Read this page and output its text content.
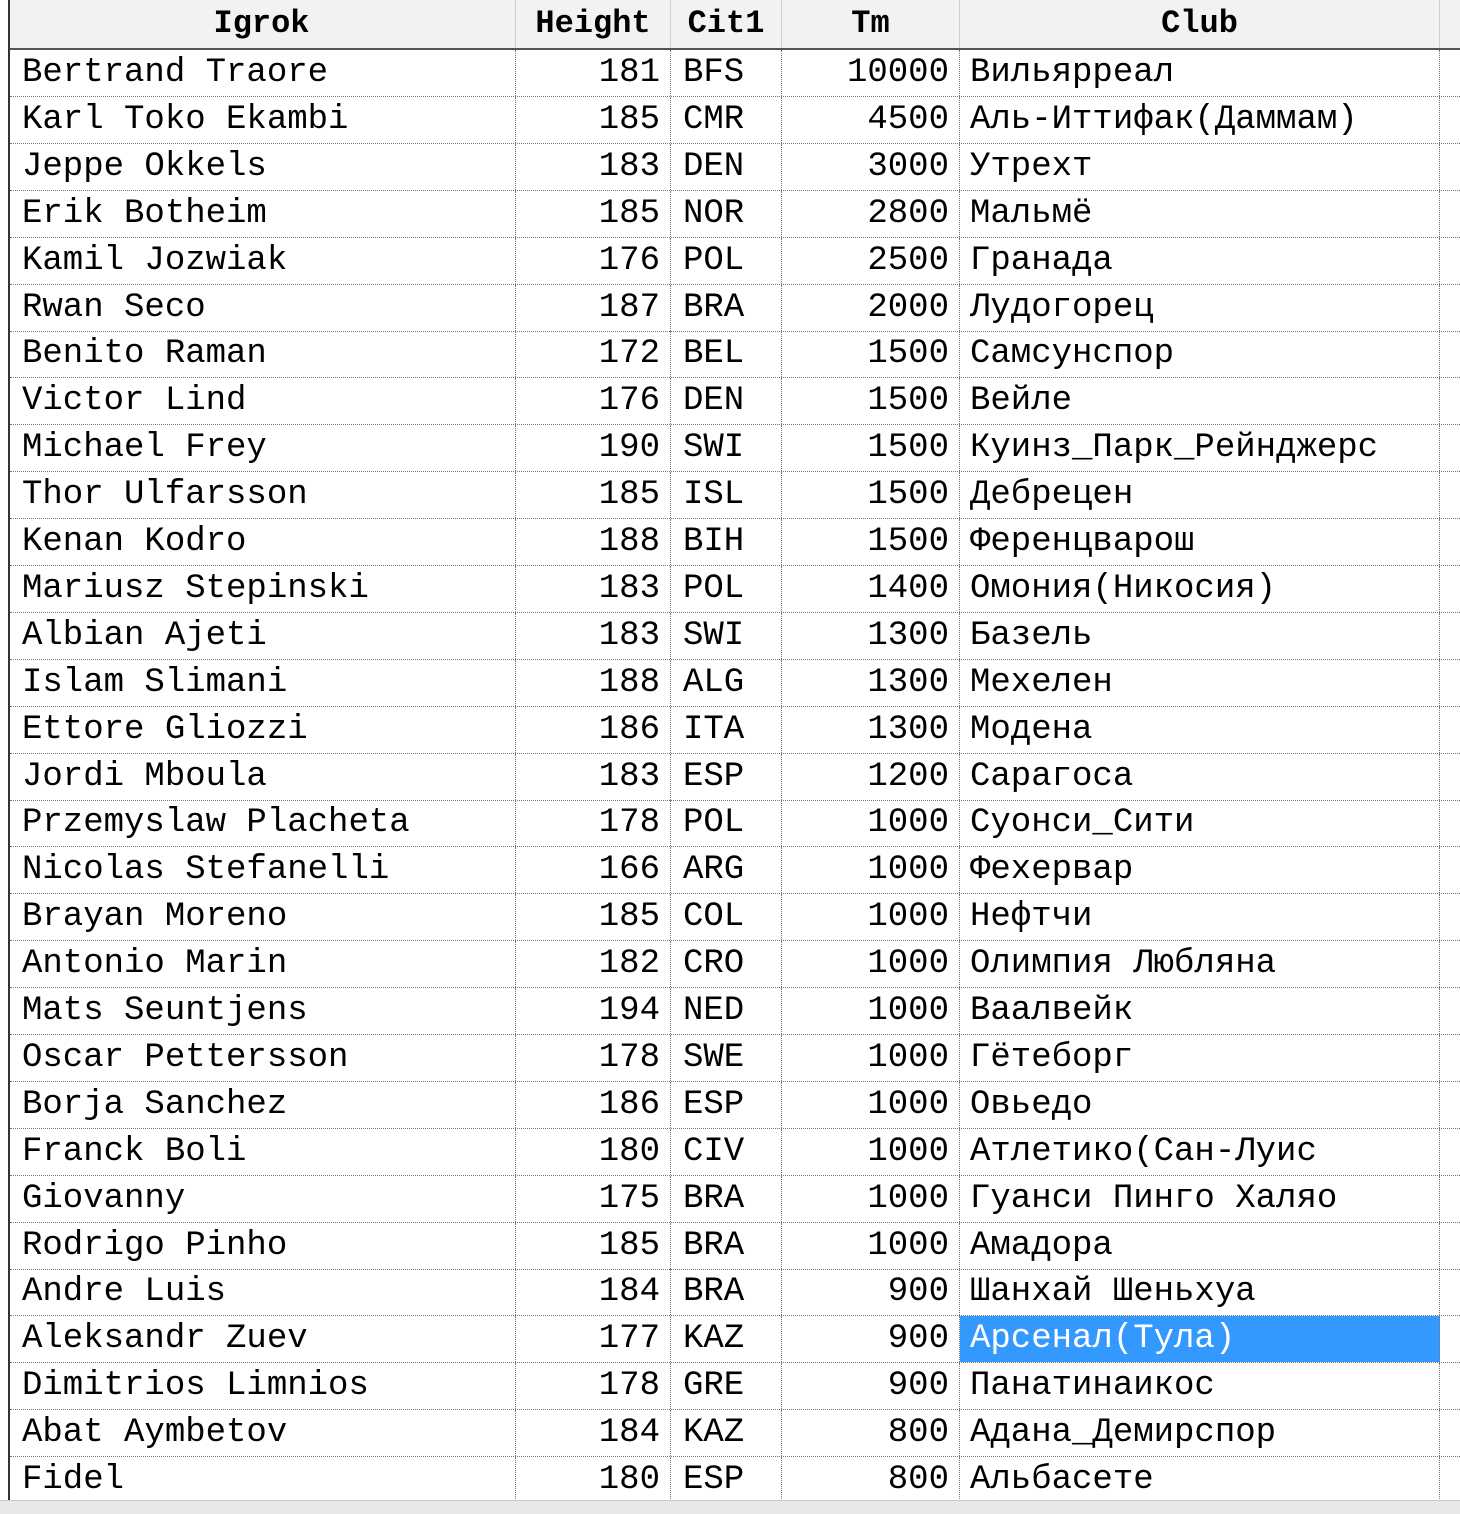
Igrok	Height	Cit1	Tm	Club
Bertrand Traore	181 BFS	10000 Вильярреал
Karl Toko Ekambi	185 CMR	4500 Аль-Иттифак(Даммам)
Jeppe Okkels	183 DEN	3000 Утрехт
Erik Botheim	185 NOR	2800 Мальмё
Kamil Jozwiak	176 POL	2500 Гранада
Rwan Seco	187 BRA	2000 Лудогорец
Benito Raman	172 BEL	1500 Самсунспор
Victor Lind	176 DEN	1500 Вейле
Michael Frey	190 SWI	1500 Куинз_Парк_Рейнджерс
Thor Ulfarsson	185 ISL	1500 Дебрецен
Kenan Kodro	188 BIH	1500 Ференцварош
Mariusz Stepinski	183 POL	1400 Омония(Никосия)
Albian Ajeti	183 SWI	1300 Базель
Islam Slimani	188 ALG	1300 Мехелен
Ettore Gliozzi	186 ITA	1300 Модена
Jordi Mboula	183 ESP	1200 Сарагоса
Przemyslaw Placheta	178 POL	1000 Суонси_Сити
Nicolas Stefanelli	166 ARG	1000 Фехервар
Brayan Moreno	185 COL	1000 Нефтчи
Antonio Marin	182 CRO	1000 Олимпия Любляна
Mats Seuntjens	194 NED	1000 Ваалвейк
Oscar Pettersson	178 SWE	1000 Гётеборг
Borja Sanchez	186 ESP	1000 Овьедо
Franck Boli	180 CIV	1000 Атлетико(Сан-Луис
Giovanny	175 BRA	1000 Гуанси Пинго Халяо
Rodrigo Pinho	185 BRA	1000 Амадора
Andre Luis	184 BRA	900 Шанхай Шеньхуа
Aleksandr Zuev	177 KAZ	900 Арсенал(Тула)
Dimitrios Limnios	178 GRE	900 Панатинаикос
Abat Aymbetov	184 KAZ	800 Адана_Демирспор
Fidel	180 ESP	800 Альбасете
